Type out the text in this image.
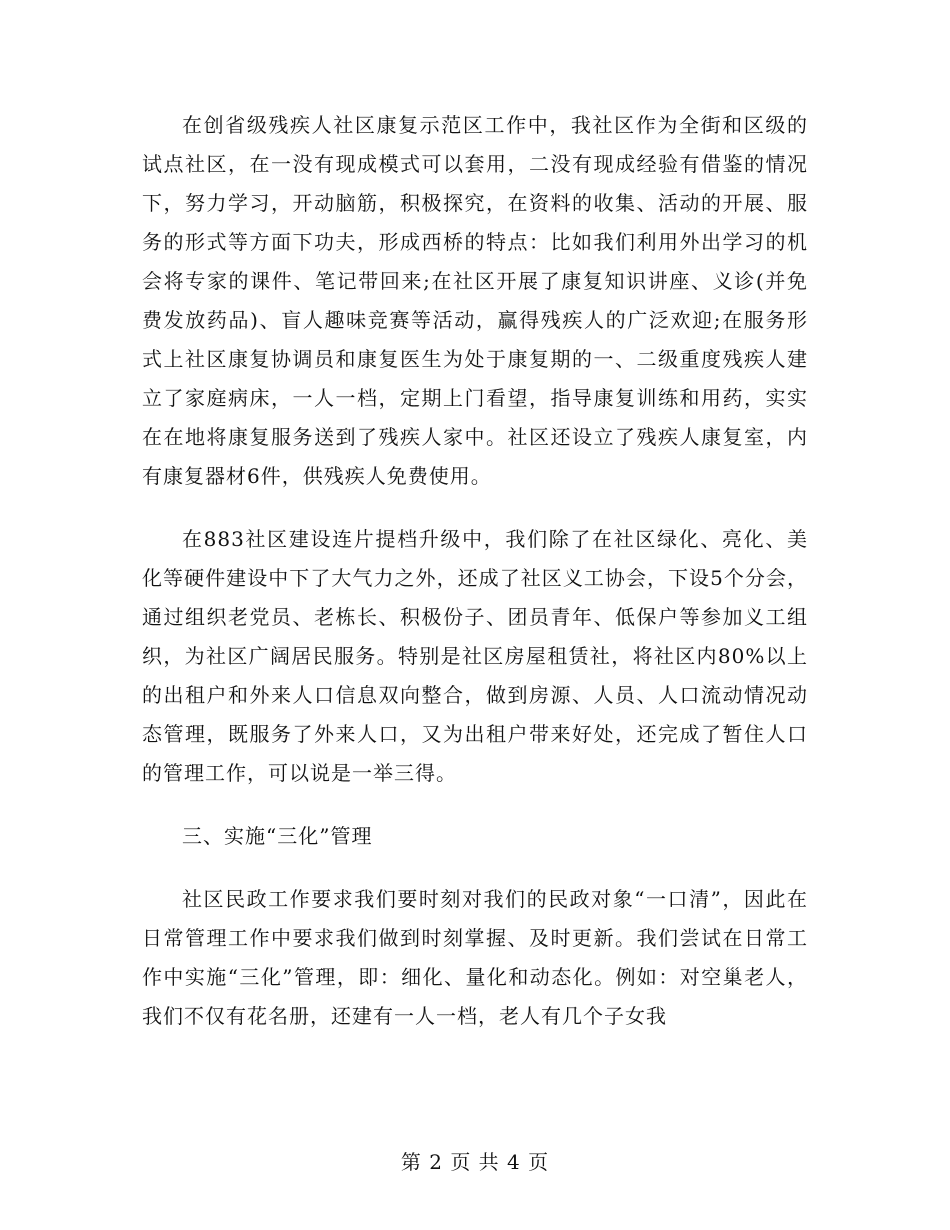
在创省级残疾人社区康复示范区工作中，我社区作为全街和区级的试点社区，在一没有现成模式可以套用，二没有现成经验有借鉴的情况下，努力学习，开动脑筋，积极探究，在资料的收集、活动的开展、服务的形式等方面下功夫，形成西桥的特点：比如我们利用外出学习的机会将专家的课件、笔记带回来;在社区开展了康复知识讲座、义诊(并免费发放药品)、盲人趣味竞赛等活动，赢得残疾人的广泛欢迎;在服务形式上社区康复协调员和康复医生为处于康复期的一、二级重度残疾人建立了家庭病床，一人一档，定期上门看望，指导康复训练和用药，实实在在地将康复服务送到了残疾人家中。社区还设立了残疾人康复室，内有康复器材6件，供残疾人免费使用。

在883社区建设连片提档升级中，我们除了在社区绿化、亮化、美化等硬件建设中下了大气力之外，还成了社区义工协会，下设5个分会，通过组织老党员、老栋长、积极份子、团员青年、低保户等参加义工组织，为社区广阔居民服务。特别是社区房屋租赁社，将社区内80%以上的出租户和外来人口信息双向整合，做到房源、人员、人口流动情况动态管理，既服务了外来人口，又为出租户带来好处，还完成了暂住人口的管理工作，可以说是一举三得。

三、实施“三化”管理

社区民政工作要求我们要时刻对我们的民政对象“一口清”，因此在日常管理工作中要求我们做到时刻掌握、及时更新。我们尝试在日常工作中实施“三化”管理，即：细化、量化和动态化。例如：对空巢老人，我们不仅有花名册，还建有一人一档，老人有几个子女我

第 2 页 共 4 页
